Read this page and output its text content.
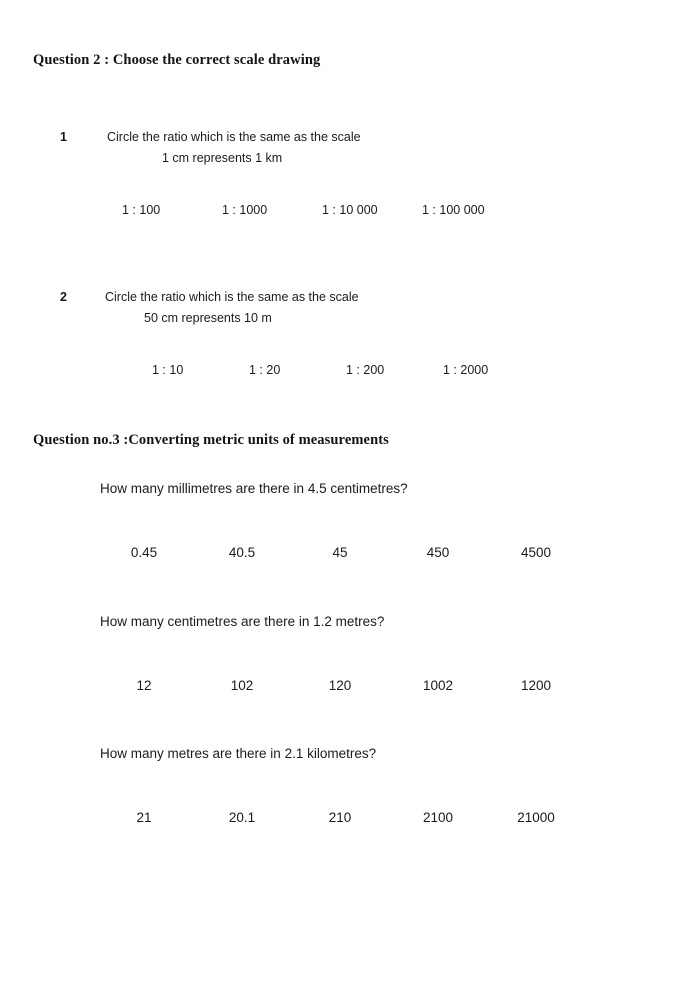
Question 2 : Choose the correct scale drawing
1	Circle the ratio which is the same as the scale
1 cm represents 1 km
1 : 100	1 : 1000	1 : 10 000	1 : 100 000
2	Circle the ratio which is the same as the scale
50 cm represents 10 m
1 : 10	1 : 20	1 : 200	1 : 2000
Question no.3 :Converting metric units of measurements
How many millimetres are there in 4.5 centimetres?
0.45	40.5	45	450	4500
How many centimetres are there in 1.2 metres?
12	102	120	1002	1200
How many metres are there in 2.1 kilometres?
21	20.1	210	2100	21000
